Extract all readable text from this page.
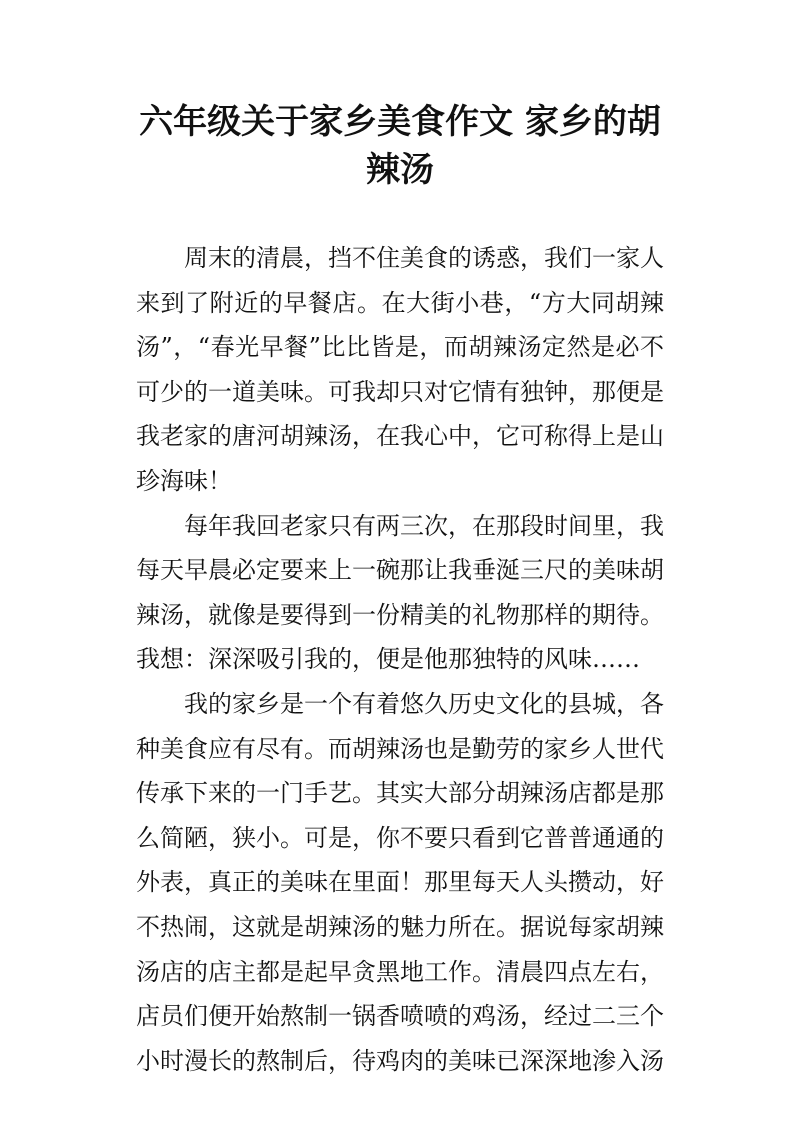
六年级关于家乡美食作文 家乡的胡辣汤

周末的清晨，挡不住美食的诱惑，我们一家人来到了附近的早餐店。在大街小巷，“方大同胡辣汤”，“春光早餐”比比皆是，而胡辣汤定然是必不可少的一道美味。可我却只对它情有独钟，那便是我老家的唐河胡辣汤，在我心中，它可称得上是山珍海味！

每年我回老家只有两三次，在那段时间里，我每天早晨必定要来上一碗那让我垂涎三尺的美味胡辣汤，就像是要得到一份精美的礼物那样的期待。我想：深深吸引我的，便是他那独特的风味……

我的家乡是一个有着悠久历史文化的县城，各种美食应有尽有。而胡辣汤也是勤劳的家乡人世代传承下来的一门手艺。其实大部分胡辣汤店都是那么简陋，狭小。可是，你不要只看到它普普通通的外表，真正的美味在里面！那里每天人头攒动，好不热闹，这就是胡辣汤的魅力所在。据说每家胡辣汤店的店主都是起早贪黑地工作。清晨四点左右，店员们便开始熬制一锅香喷喷的鸡汤，经过二三个小时漫长的熬制后，待鸡肉的美味已深深地渗入汤
